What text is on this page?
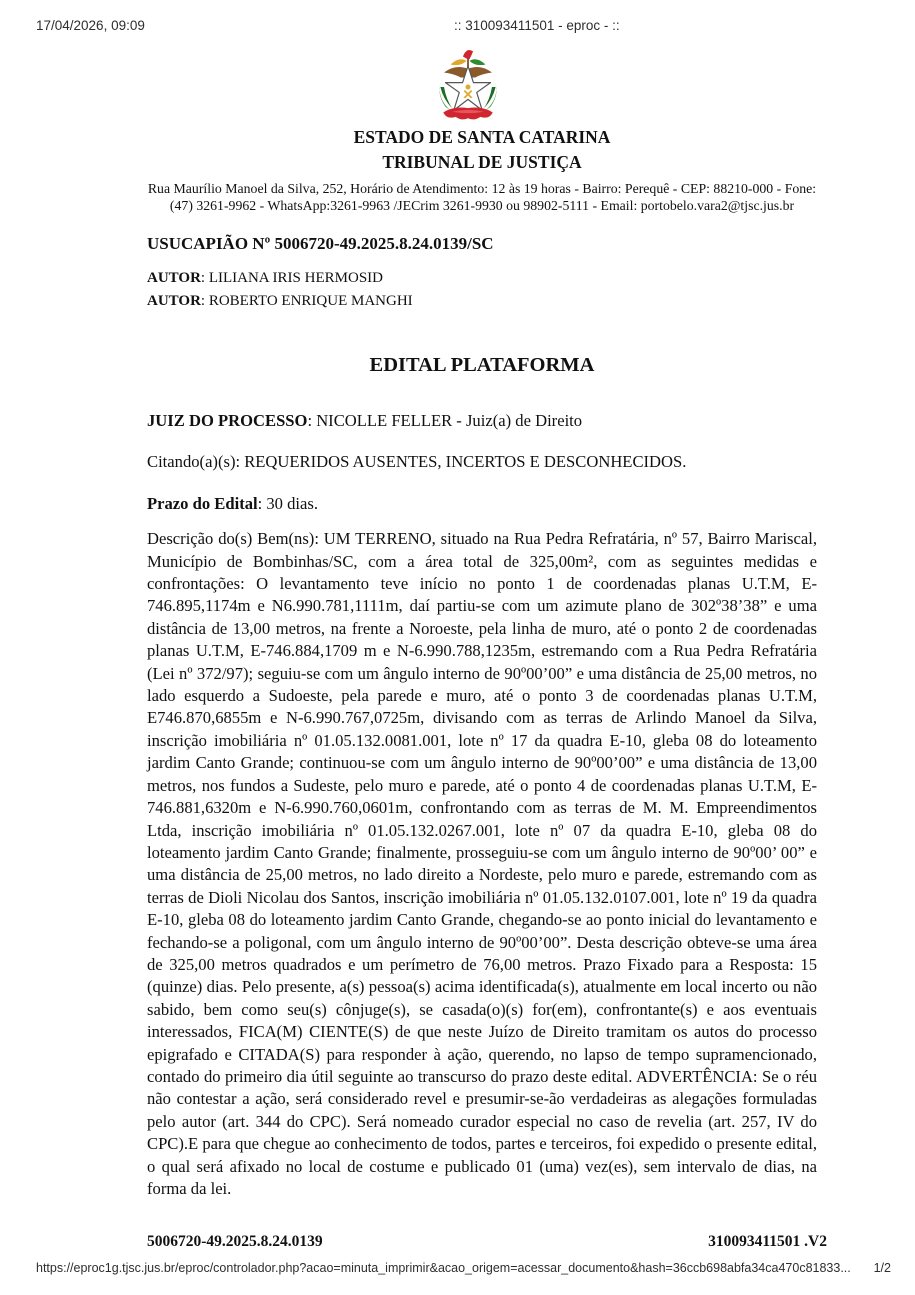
17/04/2026, 09:09	:: 310093411501 - eproc - ::
ESTADO DE SANTA CATARINA
TRIBUNAL DE JUSTIÇA
Rua Maurílio Manoel da Silva, 252, Horário de Atendimento: 12 às 19 horas - Bairro: Perequê - CEP: 88210-000 - Fone:
(47) 3261-9962 - WhatsApp:3261-9963 /JECrim 3261-9930 ou 98902-5111 - Email: portobelo.vara2@tjsc.jus.br
USUCAPIÃO Nº 5006720-49.2025.8.24.0139/SC
AUTOR: LILIANA IRIS HERMOSID
AUTOR: ROBERTO ENRIQUE MANGHI
EDITAL PLATAFORMA
JUIZ DO PROCESSO: NICOLLE FELLER - Juiz(a) de Direito
Citando(a)(s): REQUERIDOS AUSENTES, INCERTOS E DESCONHECIDOS.
Prazo do Edital: 30 dias.
Descrição do(s) Bem(ns): UM TERRENO, situado na Rua Pedra Refratária, nº 57, Bairro Mariscal, Município de Bombinhas/SC, com a área total de 325,00m², com as seguintes medidas e confrontações: O levantamento teve início no ponto 1 de coordenadas planas U.T.M, E-746.895,1174m e N6.990.781,1111m, daí partiu-se com um azimute plano de 302º38’38” e uma distância de 13,00 metros, na frente a Noroeste, pela linha de muro, até o ponto 2 de coordenadas planas U.T.M, E-746.884,1709 m e N-6.990.788,1235m, estremando com a Rua Pedra Refratária (Lei nº 372/97); seguiu-se com um ângulo interno de 90º00’00” e uma distância de 25,00 metros, no lado esquerdo a Sudoeste, pela parede e muro, até o ponto 3 de coordenadas planas U.T.M, E746.870,6855m e N-6.990.767,0725m, divisando com as terras de Arlindo Manoel da Silva, inscrição imobiliária nº 01.05.132.0081.001, lote nº 17 da quadra E-10, gleba 08 do loteamento jardim Canto Grande; continuou-se com um ângulo interno de 90º00’00” e uma distância de 13,00 metros, nos fundos a Sudeste, pelo muro e parede, até o ponto 4 de coordenadas planas U.T.M, E-746.881,6320m e N-6.990.760,0601m, confrontando com as terras de M. M. Empreendimentos Ltda, inscrição imobiliária nº 01.05.132.0267.001, lote nº 07 da quadra E-10, gleba 08 do loteamento jardim Canto Grande; finalmente, prosseguiu-se com um ângulo interno de 90º00’ 00” e uma distância de 25,00 metros, no lado direito a Nordeste, pelo muro e parede, estremando com as terras de Dioli Nicolau dos Santos, inscrição imobiliária nº 01.05.132.0107.001, lote nº 19 da quadra E-10, gleba 08 do loteamento jardim Canto Grande, chegando-se ao ponto inicial do levantamento e fechando-se a poligonal, com um ângulo interno de 90º00’00”. Desta descrição obteve-se uma área de 325,00 metros quadrados e um perímetro de 76,00 metros. Prazo Fixado para a Resposta: 15 (quinze) dias. Pelo presente, a(s) pessoa(s) acima identificada(s), atualmente em local incerto ou não sabido, bem como seu(s) cônjuge(s), se casada(o)(s) for(em), confrontante(s) e aos eventuais interessados, FICA(M) CIENTE(S) de que neste Juízo de Direito tramitam os autos do processo epigrafado e CITADA(S) para responder à ação, querendo, no lapso de tempo supramencionado, contado do primeiro dia útil seguinte ao transcurso do prazo deste edital. ADVERTÊNCIA: Se o réu não contestar a ação, será considerado revel e presumir-se-ão verdadeiras as alegações formuladas pelo autor (art. 344 do CPC). Será nomeado curador especial no caso de revelia (art. 257, IV do CPC).E para que chegue ao conhecimento de todos, partes e terceiros, foi expedido o presente edital, o qual será afixado no local de costume e publicado 01 (uma) vez(es), sem intervalo de dias, na forma da lei.
5006720-49.2025.8.24.0139	310093411501 .V2
https://eproc1g.tjsc.jus.br/eproc/controlador.php?acao=minuta_imprimir&acao_origem=acessar_documento&hash=36ccb698abfa34ca470c81833... 1/2
